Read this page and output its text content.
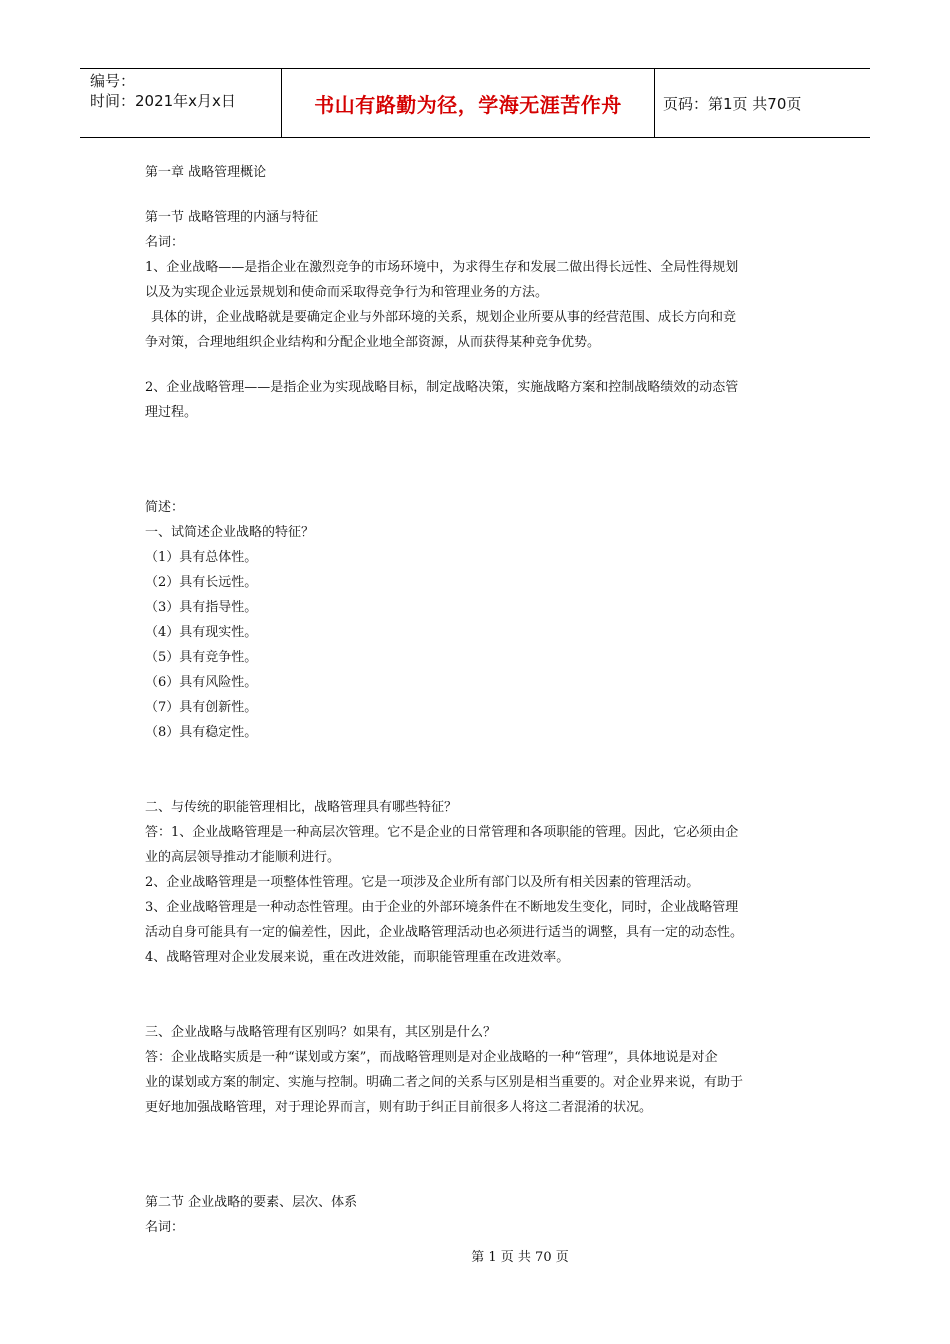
编号：
时间：2021年x月x日	书山有路勤为径，学海无涯苦作舟	页码：第1页 共70页

第一章 战略管理概论

第一节 战略管理的内涵与特征

名词：

1、企业战略——是指企业在激烈竞争的市场环境中，为求得生存和发展二做出得长远性、全局性得规划

以及为实现企业远景规划和使命而采取得竞争行为和管理业务的方法。

具体的讲，企业战略就是要确定企业与外部环境的关系，规划企业所要从事的经营范围、成长方向和竞

争对策，合理地组织企业结构和分配企业地全部资源，从而获得某种竞争优势。

2、企业战略管理——是指企业为实现战略目标，制定战略决策，实施战略方案和控制战略绩效的动态管

理过程。

简述：

一、试简述企业战略的特征？

（1）具有总体性。

（2）具有长远性。

（3）具有指导性。

（4）具有现实性。

（5）具有竞争性。

（6）具有风险性。

（7）具有创新性。

（8）具有稳定性。

二、与传统的职能管理相比，战略管理具有哪些特征？

答：1、企业战略管理是一种高层次管理。它不是企业的日常管理和各项职能的管理。因此，它必须由企

业的高层领导推动才能顺利进行。

2、企业战略管理是一项整体性管理。它是一项涉及企业所有部门以及所有相关因素的管理活动。

3、企业战略管理是一种动态性管理。由于企业的外部环境条件在不断地发生变化，同时，企业战略管理

活动自身可能具有一定的偏差性，因此，企业战略管理活动也必须进行适当的调整，具有一定的动态性。

4、战略管理对企业发展来说，重在改进效能，而职能管理重在改进效率。

三、企业战略与战略管理有区别吗？如果有，其区别是什么？

答：企业战略实质是一种“谋划或方案”，而战略管理则是对企业战略的一种“管理”，具体地说是对企

业的谋划或方案的制定、实施与控制。明确二者之间的关系与区别是相当重要的。对企业界来说，有助于

更好地加强战略管理，对于理论界而言，则有助于纠正目前很多人将这二者混淆的状况。

第二节 企业战略的要素、层次、体系

名词：

第 1 页 共 70 页
